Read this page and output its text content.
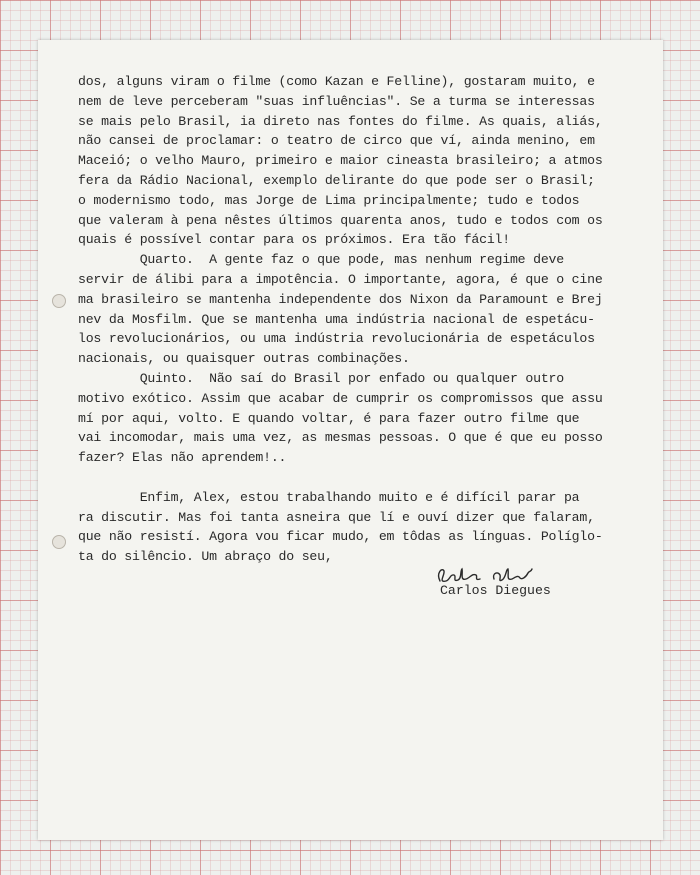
dos, alguns viram o filme (como Kazan e Felline), gostaram muito, e
nem de leve perceberam "suas influências". Se a turma se interessas
se mais pelo Brasil, ia direto nas fontes do filme. As quais, aliás,
não cansei de proclamar: o teatro de circo que ví, ainda menino, em
Maceió; o velho Mauro, primeiro e maior cineasta brasileiro; a atmos
fera da Rádio Nacional, exemplo delirante do que pode ser o Brasil;
o modernismo todo, mas Jorge de Lima principalmente; tudo e todos
que valeram à pena nêstes últimos quarenta anos, tudo e todos com os
quais é possível contar para os próximos. Era tão fácil!
Quarto.  A gente faz o que pode, mas nenhum regime deve
servir de álibi para a impotência. O importante, agora, é que o cine
ma brasileiro se mantenha independente dos Nixon da Paramount e Brej
nev da Mosfilm. Que se mantenha uma indústria nacional de espetácu-
los revolucionários, ou uma indústria revolucionária de espetáculos
nacionais, ou quaisquer outras combinações.
Quinto.  Não saí do Brasil por enfado ou qualquer outro
motivo exótico. Assim que acabar de cumprir os compromissos que assu
mí por aqui, volto. E quando voltar, é para fazer outro filme que
vai incomodar, mais uma vez, as mesmas pessoas. O que é que eu posso
fazer? Elas não aprendem!..
Enfim, Alex, estou trabalhando muito e é difícil parar pa
ra discutir. Mas foi tanta asneira que lí e ouví dizer que falaram,
que não resistí. Agora vou ficar mudo, em tôdas as línguas. Políglo-
ta do silêncio. Um abraço do seu,
Carlos Diegues
